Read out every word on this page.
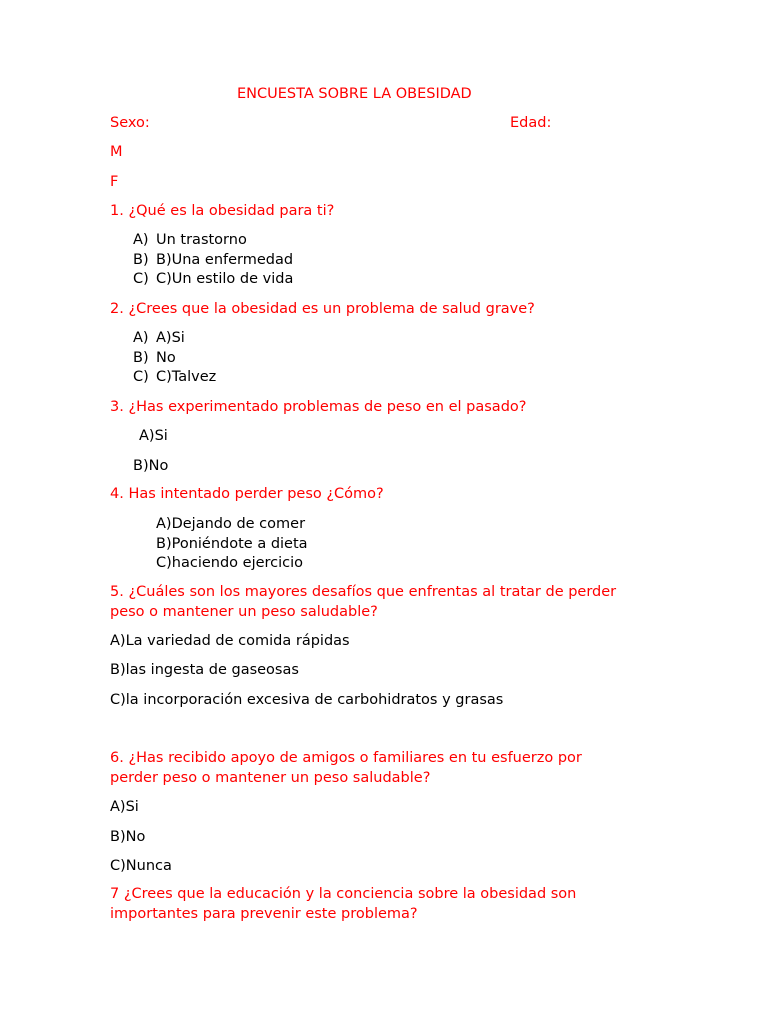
ENCUESTA SOBRE LA OBESIDAD
Sexo:	Edad:
M
F
1. ¿Qué es la obesidad para ti?
A) Un trastorno
B) B)Una enfermedad
C) C)Un estilo de vida
2. ¿Crees que la obesidad es un problema de salud grave?
A) A)Si
B) No
C) C)Talvez
3. ¿Has experimentado problemas de peso en el pasado?
A)Si
B)No
4. Has intentado perder peso ¿Cómo?
A)Dejando de comer
B)Poniéndote a dieta
C)haciendo ejercicio
5. ¿Cuáles son los mayores desafíos que enfrentas al tratar de perder
peso o mantener un peso saludable?
A)La variedad de comida rápidas
B)las ingesta de gaseosas
C)la incorporación excesiva de carbohidratos y grasas
6. ¿Has recibido apoyo de amigos o familiares en tu esfuerzo por
perder peso o mantener un peso saludable?
A)Si
B)No
C)Nunca
7 ¿Crees que la educación y la conciencia sobre la obesidad son
importantes para prevenir este problema?
